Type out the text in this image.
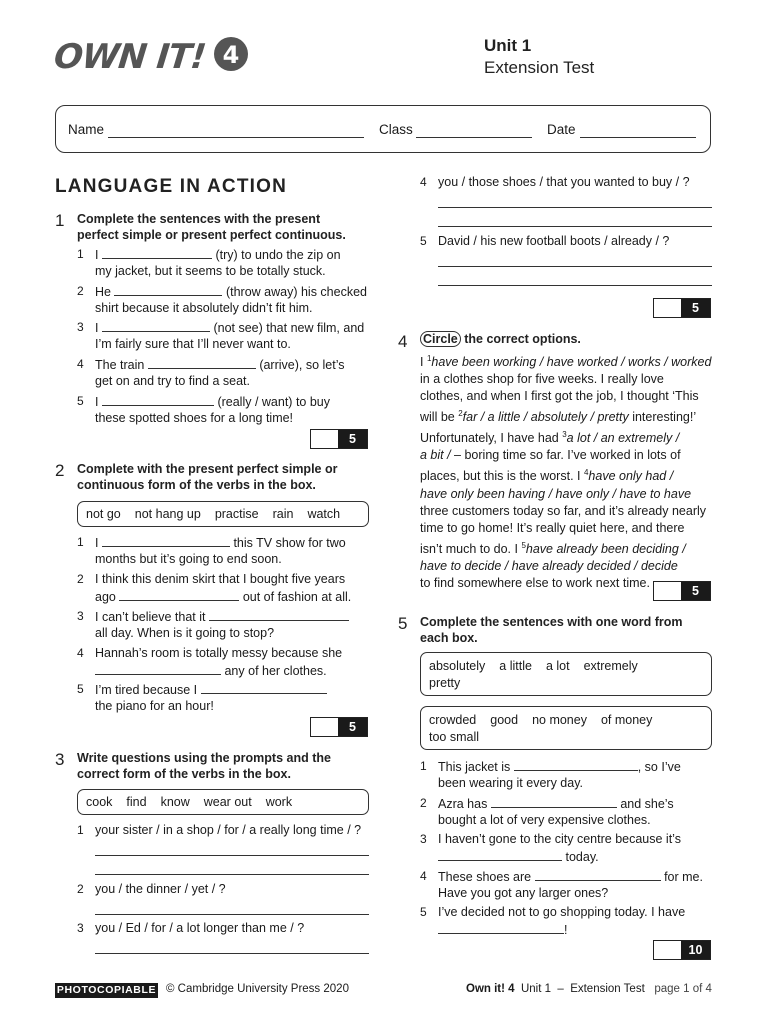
OWN IT! 4	Unit 1
Extension Test
Name	Class	Date
LANGUAGE IN ACTION
1 Complete the sentences with the present
perfect simple or present perfect continuous.
1 I	(try) to undo the zip on
my jacket, but it seems to be totally stuck.
2 He	(throw away) his checked
shirt because it absolutely didn’t fit him.
3 I	(not see) that new film, and
I’m fairly sure that I’ll never want to.
4 The train	(arrive), so let’s
get on and try to find a seat.
5 I	(really / want) to buy
these spotted shoes for a long time!
5
2 Complete with the present perfect simple or
continuous form of the verbs in the box.
not go not hang up practise rain watch
1 I	this TV show for two
months but it’s going to end soon.
2 I think this denim skirt that I bought five years
ago	out of fashion at all.
3 I can’t believe that it
all day. When is it going to stop?
4 Hannah’s room is totally messy because she
any of her clothes.
5 I’m tired because I
the piano for an hour!
5
3 Write questions using the prompts and the
correct form of the verbs in the box.
cook find know wear out work
1 your sister / in a shop / for / a really long time / ?
2 you / the dinner / yet / ?
3 you / Ed / for / a lot longer than me / ?
4 you / those shoes / that you wanted to buy / ?
5 David / his new football boots / already / ?
5
4 Circle the correct options.
I $^1$have been working / have worked / works / worked
in a clothes shop for five weeks. I really love
clothes, and when I first got the job, I thought ‘This
will be $^2$far / a little / absolutely / pretty interesting!’
Unfortunately, I have had $^3$a lot / an extremely /
a bit / – boring time so far. I’ve worked in lots of
places, but this is the worst. I $^4$have only had /
have only been having / have only / have to have
three customers today so far, and it’s already nearly
time to go home! It’s really quiet here, and there
isn’t much to do. I $^5$have already been deciding /
have to decide / have already decided / decide
to find somewhere else to work next time.
5
5 Complete the sentences with one word from
each box.
absolutely a little a lot extremely
pretty
crowded good no money of money
too small
1 This jacket is	, so I’ve
been wearing it every day.
2 Azra has	and she’s
bought a lot of very expensive clothes.
3 I haven’t gone to the city centre because it’s
today.
4 These shoes are	for me.
Have you got any larger ones?
5 I’ve decided not to go shopping today. I have
!
10
PHOTOCOPIABLE © Cambridge University Press 2020	Own it! 4 Unit 1 – Extension Test page 1 of 4
